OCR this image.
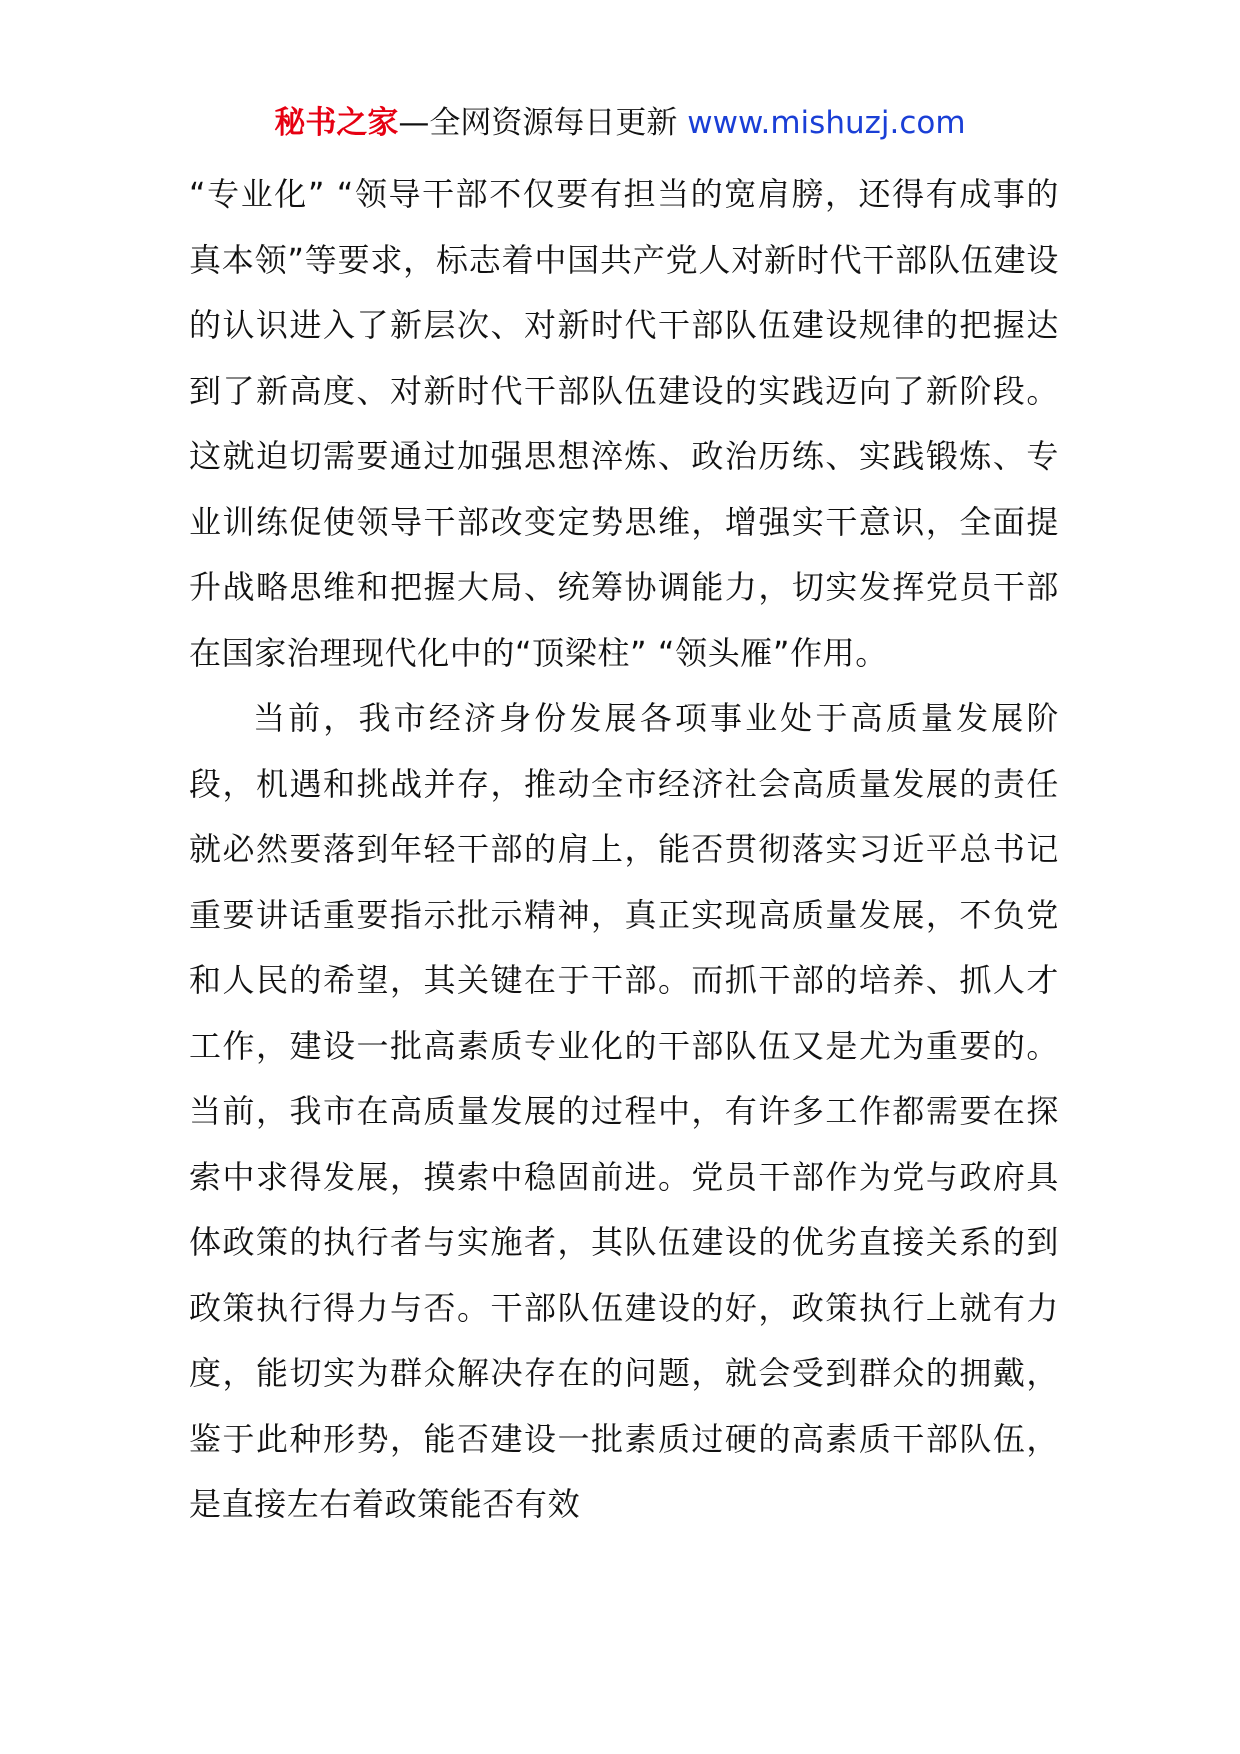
秘书之家—全网资源每日更新 www.mishuzj.com

“专业化” “领导干部不仅要有担当的宽肩膀，还得有成事的真本领”等要求，标志着中国共产党人对新时代干部队伍建设的认识进入了新层次、对新时代干部队伍建设规律的把握达到了新高度、对新时代干部队伍建设的实践迈向了新阶段。这就迫切需要通过加强思想淬炼、政治历练、实践锻炼、专业训练促使领导干部改变定势思维，增强实干意识，全面提升战略思维和把握大局、统筹协调能力，切实发挥党员干部在国家治理现代化中的“顶梁柱” “领头雁”作用。

当前，我市经济身份发展各项事业处于高质量发展阶段，机遇和挑战并存，推动全市经济社会高质量发展的责任就必然要落到年轻干部的肩上，能否贯彻落实习近平总书记重要讲话重要指示批示精神，真正实现高质量发展，不负党和人民的希望，其关键在于干部。而抓干部的培养、抓人才工作，建设一批高素质专业化的干部队伍又是尤为重要的。当前，我市在高质量发展的过程中，有许多工作都需要在探索中求得发展，摸索中稳固前进。党员干部作为党与政府具体政策的执行者与实施者，其队伍建设的优劣直接关系的到政策执行得力与否。干部队伍建设的好，政策执行上就有力度，能切实为群众解决存在的问题，就会受到群众的拥戴，鉴于此种形势，能否建设一批素质过硬的高素质干部队伍，是直接左右着政策能否有效
